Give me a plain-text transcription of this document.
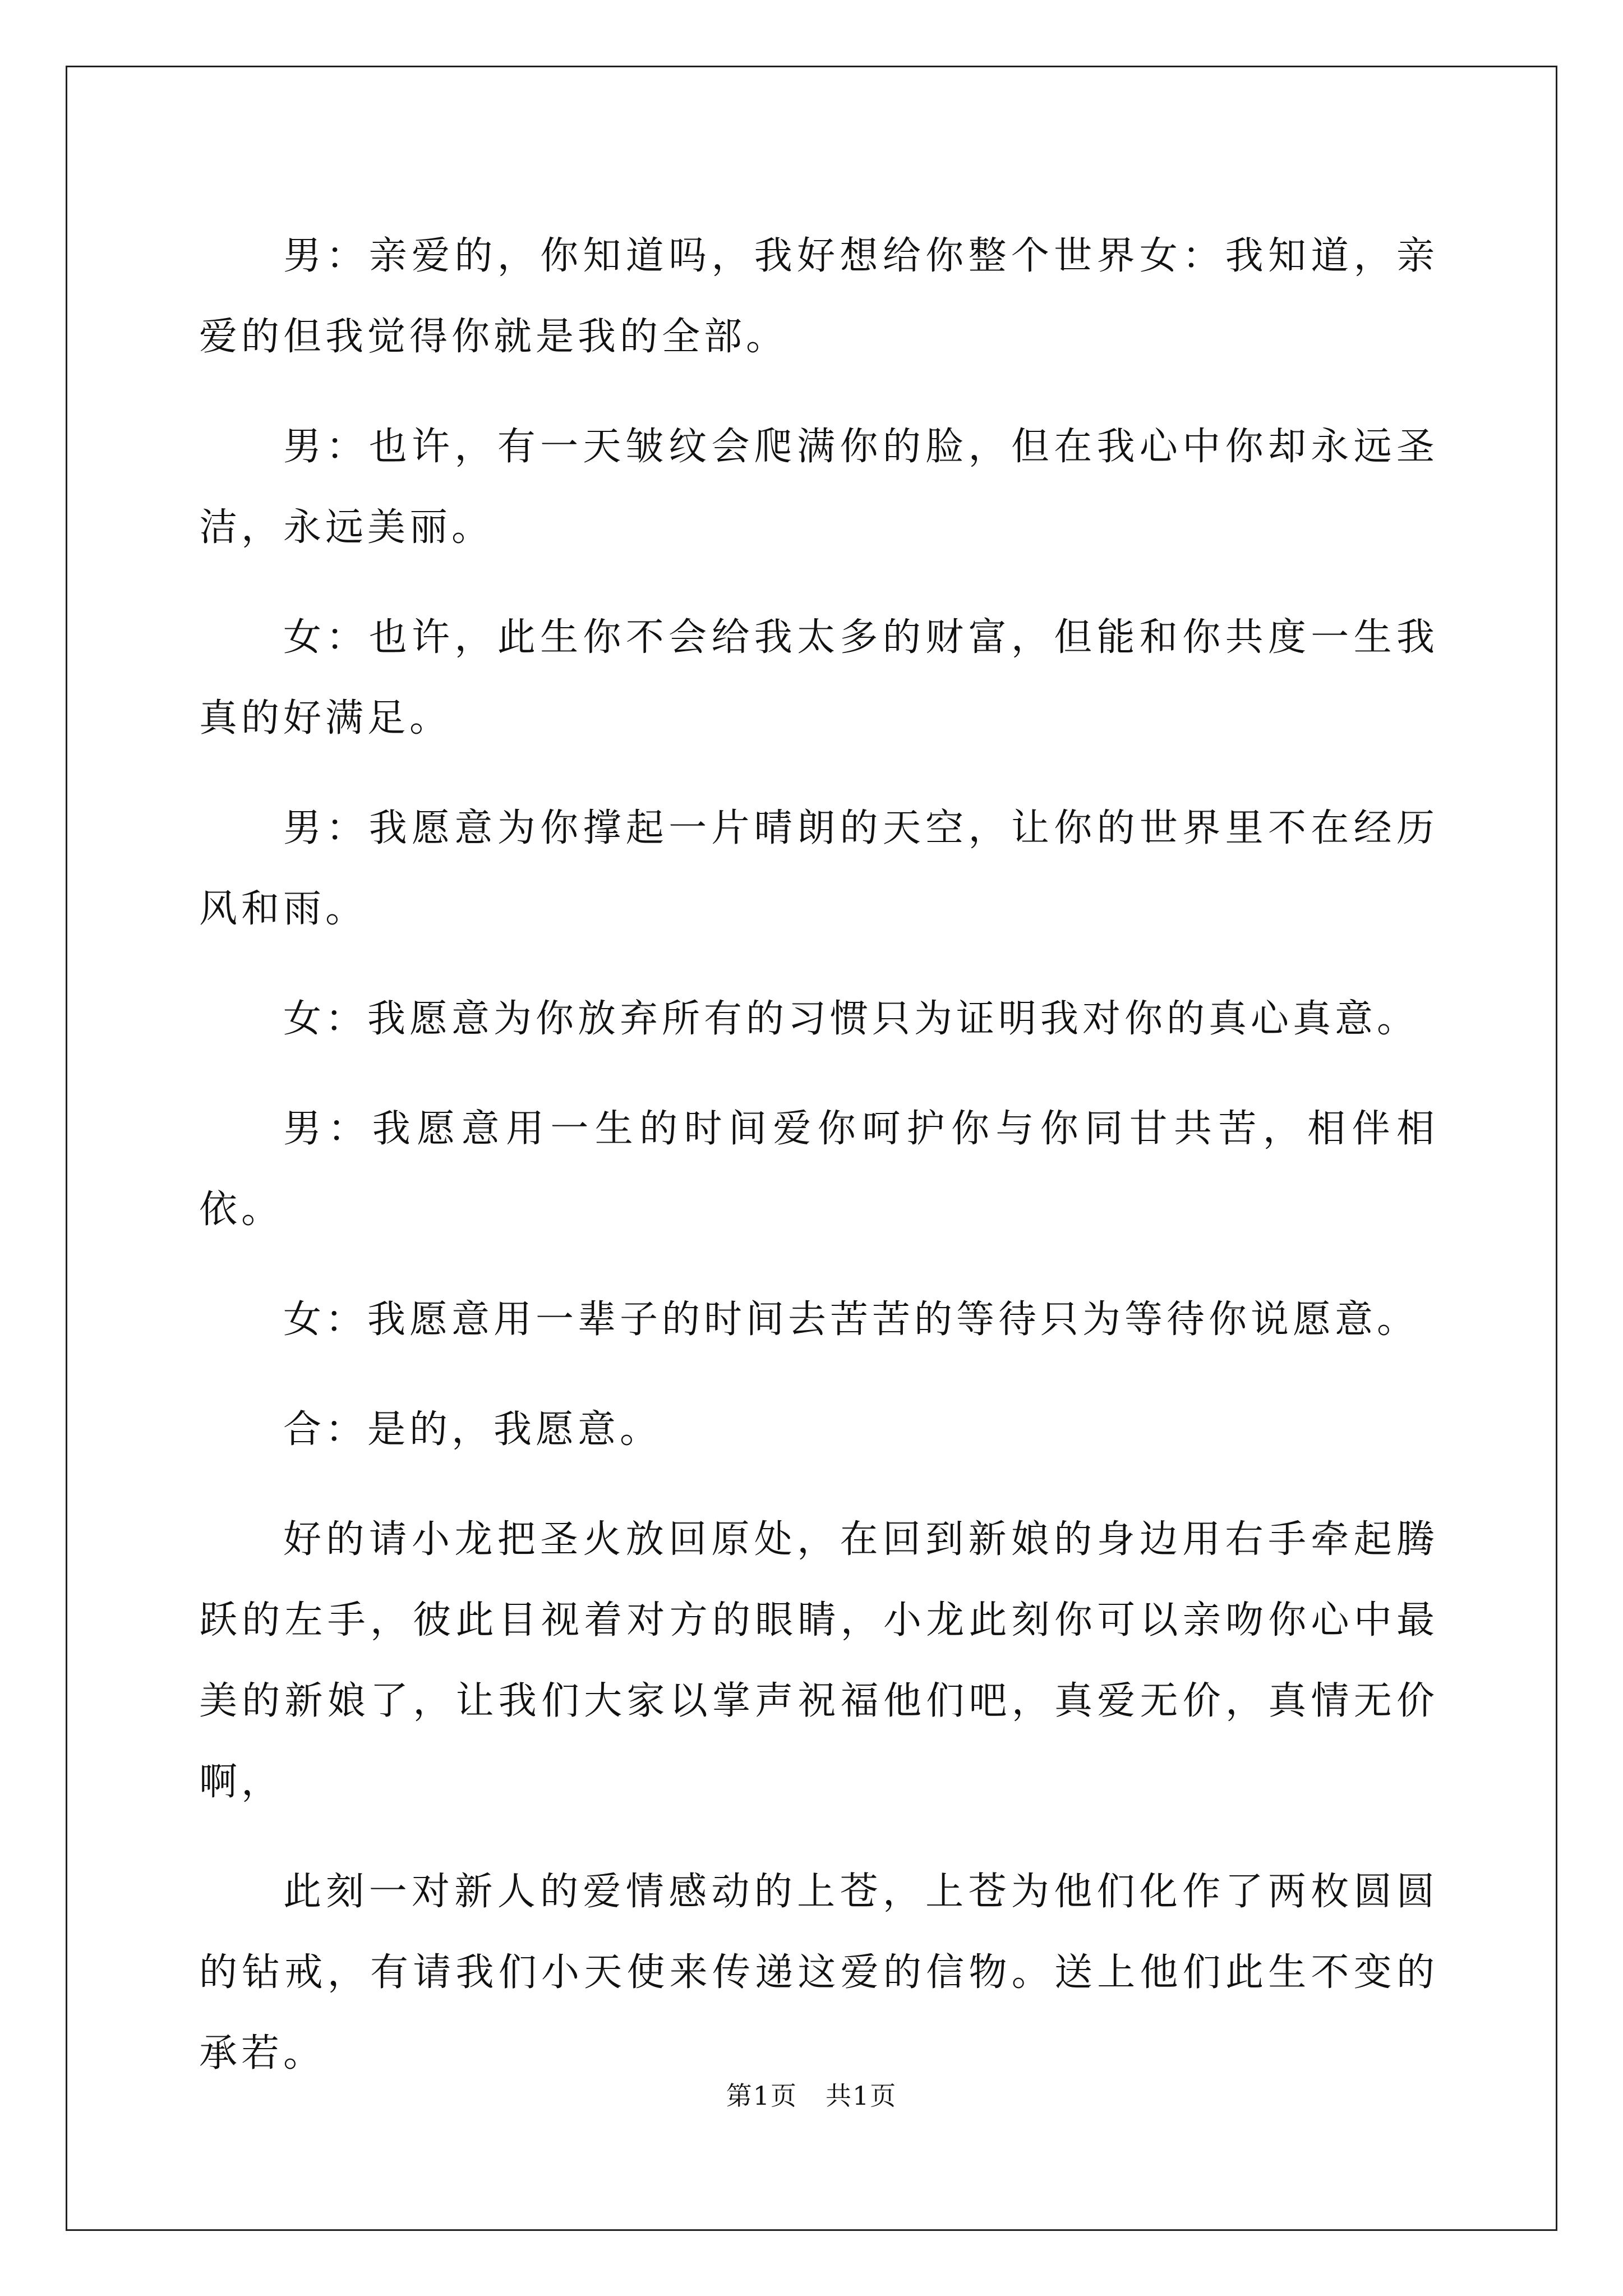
男：亲爱的，你知道吗，我好想给你整个世界女：我知道，亲爱的但我觉得你就是我的全部。

男：也许，有一天皱纹会爬满你的脸，但在我心中你却永远圣洁，永远美丽。

女：也许，此生你不会给我太多的财富，但能和你共度一生我真的好满足。

男：我愿意为你撑起一片晴朗的天空，让你的世界里不在经历风和雨。

女：我愿意为你放弃所有的习惯只为证明我对你的真心真意。

男：我愿意用一生的时间爱你呵护你与你同甘共苦，相伴相依。

女：我愿意用一辈子的时间去苦苦的等待只为等待你说愿意。

合：是的，我愿意。

好的请小龙把圣火放回原处，在回到新娘的身边用右手牵起腾跃的左手，彼此目视着对方的眼睛，小龙此刻你可以亲吻你心中最美的新娘了，让我们大家以掌声祝福他们吧，真爱无价，真情无价啊，

此刻一对新人的爱情感动的上苍，上苍为他们化作了两枚圆圆的钻戒，有请我们小天使来传递这爱的信物。送上他们此生不变的承若。

第1页 共1页
